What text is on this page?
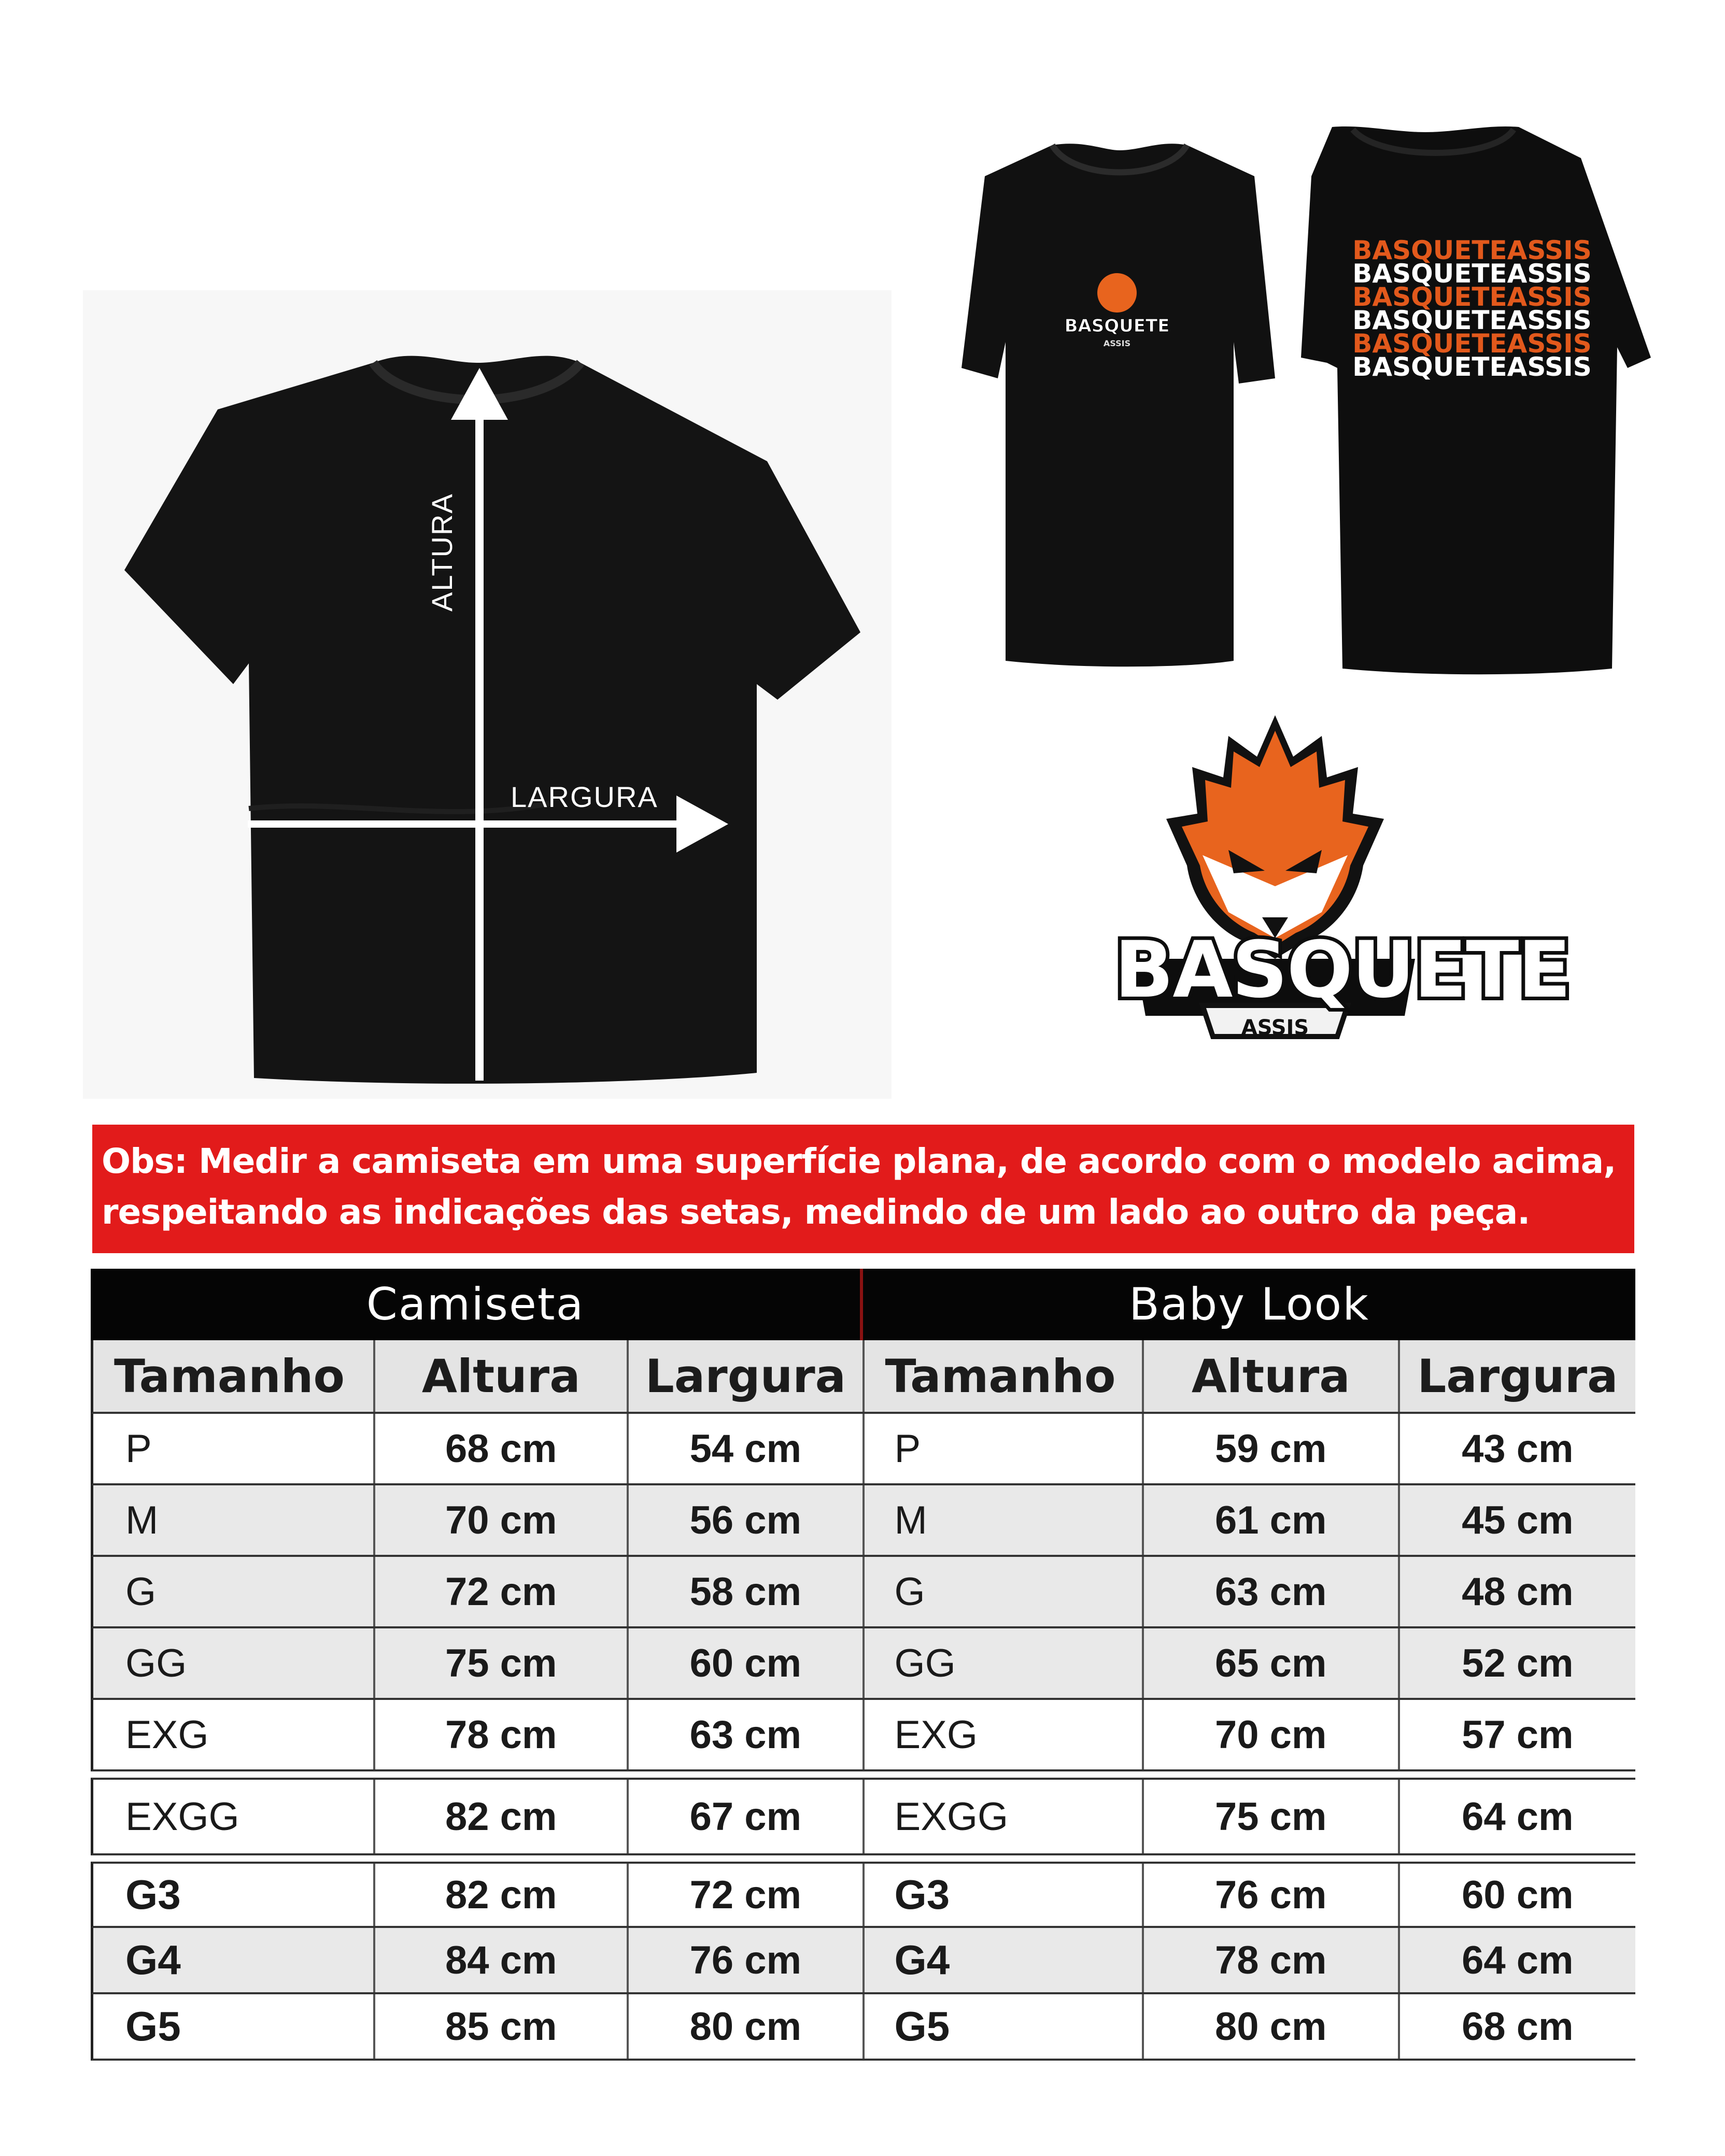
ALTURA
LARGURA
BASQUETE
ASSIS
BASQUETEASSIS
BASQUETEASSIS
BASQUETEASSIS
BASQUETEASSIS
BASQUETEASSIS
BASQUETEASSIS
BASQUETE
ASSIS
Obs: Medir a camiseta em uma superfície plana, de acordo com o modelo acima,
respeitando as indicações das setas, medindo de um lado ao outro da peça.
Camiseta	Baby Look
Tamanho	Altura	Largura Tamanho	Altura	Largura
P	68 cm	54 cm	P	59 cm	43 cm
M	70 cm	56 cm	M	61 cm	45 cm
G	72 cm	58 cm	G	63 cm	48 cm
GG	75 cm	60 cm	GG	65 cm	52 cm
EXG	78 cm	63 cm	EXG	70 cm	57 cm
EXGG	82 cm	67 cm	EXGG	75 cm	64 cm
G3	82 cm	72 cm	G3	76 cm	60 cm
G4	84 cm	76 cm	G4	78 cm	64 cm
G5	85 cm	80 cm	G5	80 cm	68 cm
